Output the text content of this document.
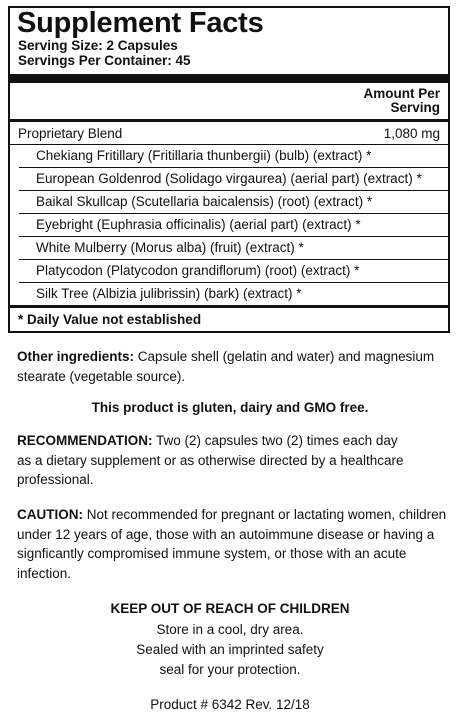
Supplement Facts
Serving Size: 2 Capsules
Servings Per Container: 45
Amount Per
Serving
Proprietary Blend	1,080 mg
Chekiang Fritillary (Fritillaria thunbergii) (bulb) (extract) *
European Goldenrod (Solidago virgaurea) (aerial part) (extract) *
Baikal Skullcap (Scutellaria baicalensis) (root) (extract) *
Eyebright (Euphrasia officinalis) (aerial part) (extract) *
White Mulberry (Morus alba) (fruit) (extract) *
Platycodon (Platycodon grandiflorum) (root) (extract) *
Silk Tree (Albizia julibrissin) (bark) (extract) *
* Daily Value not established
Other ingredients: Capsule shell (gelatin and water) and magnesium stearate (vegetable source).
This product is gluten, dairy and GMO free.
RECOMMENDATION: Two (2) capsules two (2) times each day as a dietary supplement or as otherwise directed by a healthcare professional.
CAUTION: Not recommended for pregnant or lactating women, children under 12 years of age, those with an autoimmune disease or having a signficantly compromised immune system, or those with an acute infection.
KEEP OUT OF REACH OF CHILDREN
Store in a cool, dry area.
Sealed with an imprinted safety
seal for your protection.
Product # 6342 Rev. 12/18
